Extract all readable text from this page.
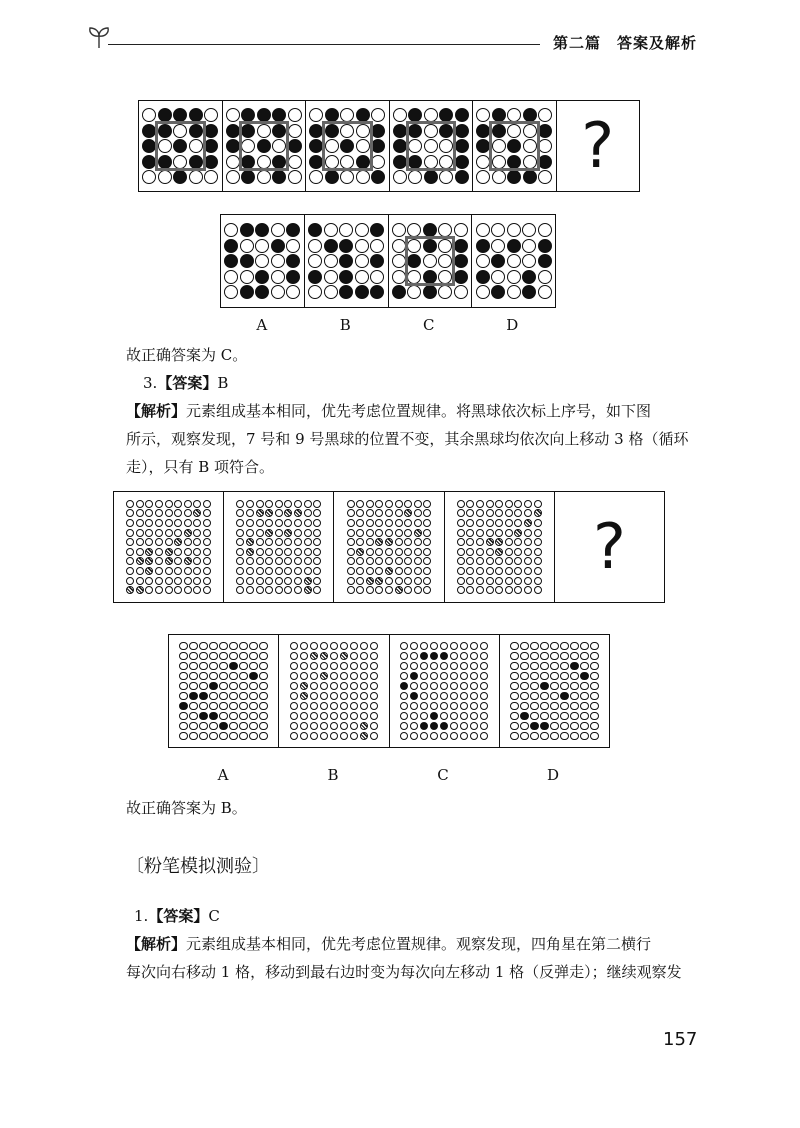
第二篇　答案及解析
?
A	B	C	D
故正确答案为 C。
3.【答案】B
【解析】元素组成基本相同，优先考虑位置规律。将黑球依次标上序号，如下图
所示，观察发现，7 号和 9 号黑球的位置不变，其余黑球均依次向上移动 3 格（循环
走），只有 B 项符合。
?
A	B	C	D
故正确答案为 B。
〔粉笔模拟测验〕
1.【答案】C
【解析】元素组成基本相同，优先考虑位置规律。观察发现，四角星在第二横行
每次向右移动 1 格，移动到最右边时变为每次向左移动 1 格（反弹走）；继续观察发
157
